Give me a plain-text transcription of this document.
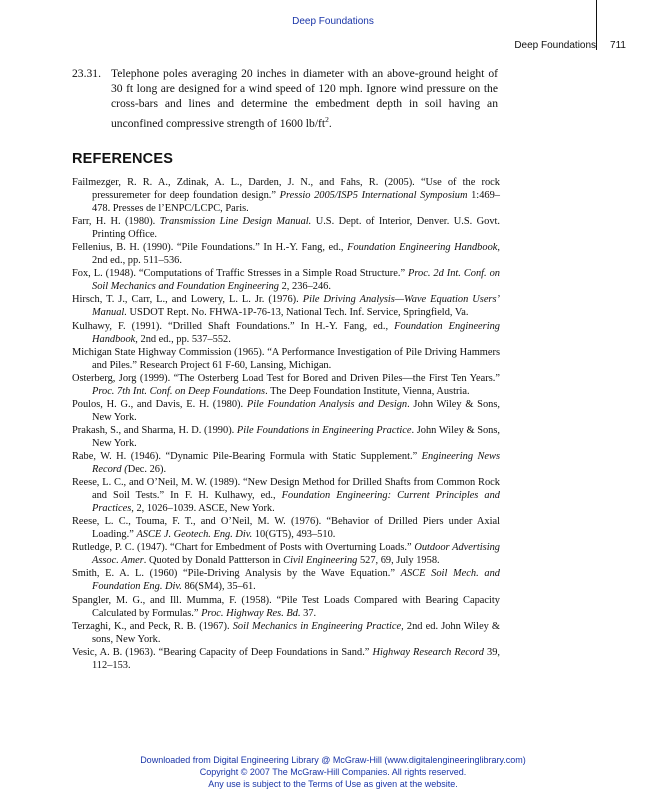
Deep Foundations
Deep Foundations 711
23.31. Telephone poles averaging 20 inches in diameter with an above-ground height of 30 ft long are designed for a wind speed of 120 mph. Ignore wind pressure on the cross-bars and lines and determine the embedment depth in soil having an unconfined compressive strength of 1600 $lb/ft^2$.
REFERENCES
Failmezger, R. R. A., Zdinak, A. L., Darden, J. N., and Fahs, R. (2005). “Use of the rock pressuremeter for deep foundation design.” Pressio 2005/ISP5 International Symposium 1:469–478. Presses de l’ENPC/LCPC, Paris.
Farr, H. H. (1980). Transmission Line Design Manual. U.S. Dept. of Interior, Denver. U.S. Govt. Printing Office.
Fellenius, B. H. (1990). “Pile Foundations.” In H.-Y. Fang, ed., Foundation Engineering Handbook, 2nd ed., pp. 511–536.
Fox, L. (1948). “Computations of Traffic Stresses in a Simple Road Structure.” Proc. 2d Int. Conf. on Soil Mechanics and Foundation Engineering 2, 236–246.
Hirsch, T. J., Carr, L., and Lowery, L. L. Jr. (1976). Pile Driving Analysis—Wave Equation Users’ Manual. USDOT Rept. No. FHWA-1P-76-13, National Tech. Inf. Service, Springfield, Va.
Kulhawy, F. (1991). “Drilled Shaft Foundations.” In H.-Y. Fang, ed., Foundation Engineering Handbook, 2nd ed., pp. 537–552.
Michigan State Highway Commission (1965). “A Performance Investigation of Pile Driving Hammers and Piles.” Research Project 61 F-60, Lansing, Michigan.
Osterberg, Jorg (1999). “The Osterberg Load Test for Bored and Driven Piles—the First Ten Years.” Proc. 7th Int. Conf. on Deep Foundations. The Deep Foundation Institute, Vienna, Austria.
Poulos, H. G., and Davis, E. H. (1980). Pile Foundation Analysis and Design. John Wiley & Sons, New York.
Prakash, S., and Sharma, H. D. (1990). Pile Foundations in Engineering Practice. John Wiley & Sons, New York.
Rabe, W. H. (1946). “Dynamic Pile-Bearing Formula with Static Supplement.” Engineering News Record (Dec. 26).
Reese, L. C., and O’Neil, M. W. (1989). “New Design Method for Drilled Shafts from Common Rock and Soil Tests.” In F. H. Kulhawy, ed., Foundation Engineering: Current Principles and Practices, 2, 1026–1039. ASCE, New York.
Reese, L. C., Touma, F. T., and O’Neil, M. W. (1976). “Behavior of Drilled Piers under Axial Loading.” ASCE J. Geotech. Eng. Div. 10(GT5), 493–510.
Rutledge, P. C. (1947). “Chart for Embedment of Posts with Overturning Loads.” Outdoor Advertising Assoc. Amer. Quoted by Donald Pattterson in Civil Engineering 527, 69, July 1958.
Smith, E. A. L. (1960) “Pile-Driving Analysis by the Wave Equation.” ASCE Soil Mech. and Foundation Eng. Div. 86(SM4), 35–61.
Spangler, M. G., and Ill. Mumma, F. (1958). “Pile Test Loads Compared with Bearing Capacity Calculated by Formulas.” Proc. Highway Res. Bd. 37.
Terzaghi, K., and Peck, R. B. (1967). Soil Mechanics in Engineering Practice, 2nd ed. John Wiley & sons, New York.
Vesic, A. B. (1963). “Bearing Capacity of Deep Foundations in Sand.” Highway Research Record 39, 112–153.
Downloaded from Digital Engineering Library @ McGraw-Hill (www.digitalengineeringlibrary.com)
Copyright © 2007 The McGraw-Hill Companies. All rights reserved.
Any use is subject to the Terms of Use as given at the website.
